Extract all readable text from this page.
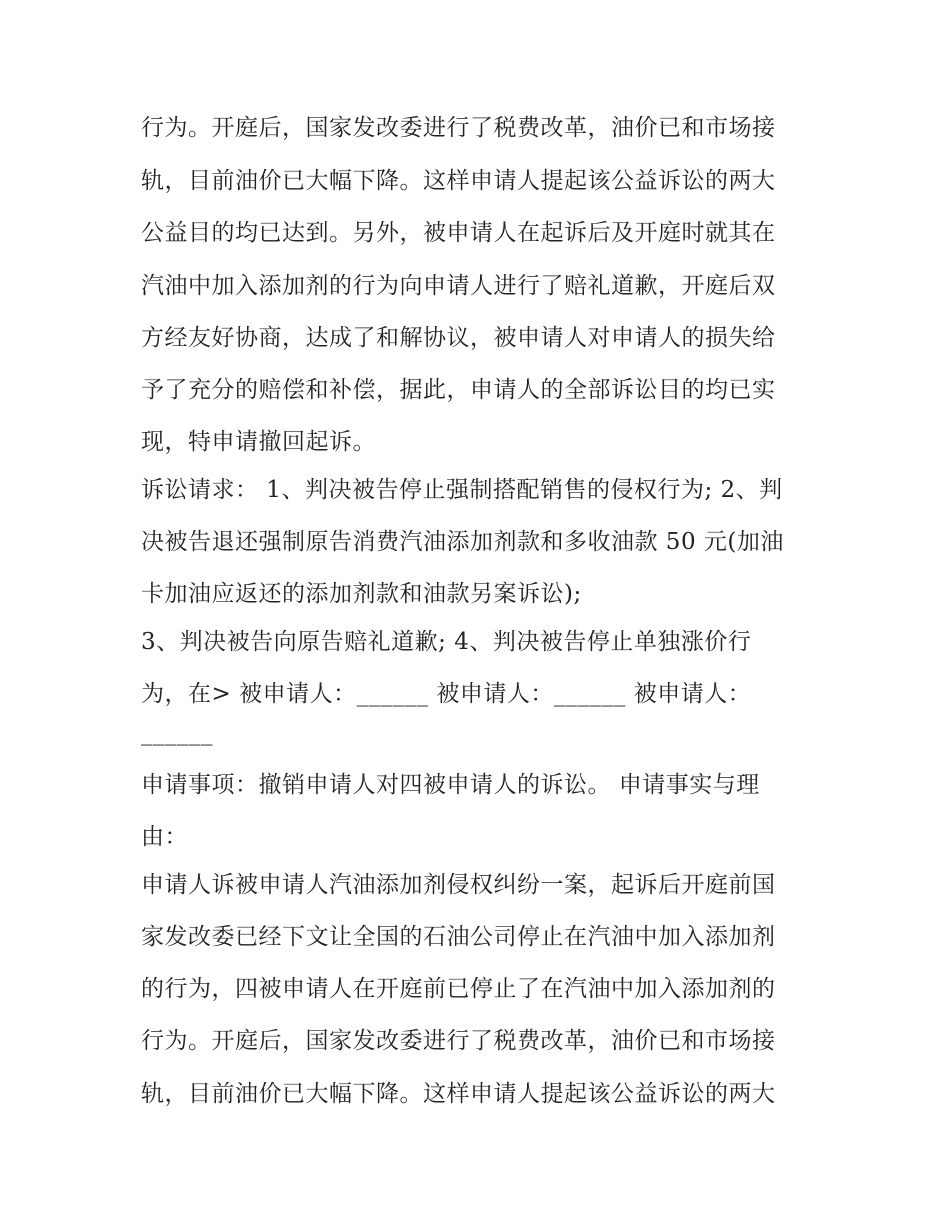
行为。开庭后，国家发改委进行了税费改革，油价已和市场接
轨，目前油价已大幅下降。这样申请人提起该公益诉讼的两大
公益目的均已达到。另外，被申请人在起诉后及开庭时就其在
汽油中加入添加剂的行为向申请人进行了赔礼道歉，开庭后双
方经友好协商，达成了和解协议，被申请人对申请人的损失给
予了充分的赔偿和补偿，据此，申请人的全部诉讼目的均已实
现，特申请撤回起诉。
诉讼请求： 1、判决被告停止强制搭配销售的侵权行为; 2、判
决被告退还强制原告消费汽油添加剂款和多收油款 50 元(加油
卡加油应返还的添加剂款和油款另案诉讼);
3、判决被告向原告赔礼道歉; 4、判决被告停止单独涨价行
为，在> 被申请人：______ 被申请人：______ 被申请人：
______
申请事项：撤销申请人对四被申请人的诉讼。 申请事实与理
由：
申请人诉被申请人汽油添加剂侵权纠纷一案，起诉后开庭前国
家发改委已经下文让全国的石油公司停止在汽油中加入添加剂
的行为，四被申请人在开庭前已停止了在汽油中加入添加剂的
行为。开庭后，国家发改委进行了税费改革，油价已和市场接
轨，目前油价已大幅下降。这样申请人提起该公益诉讼的两大
